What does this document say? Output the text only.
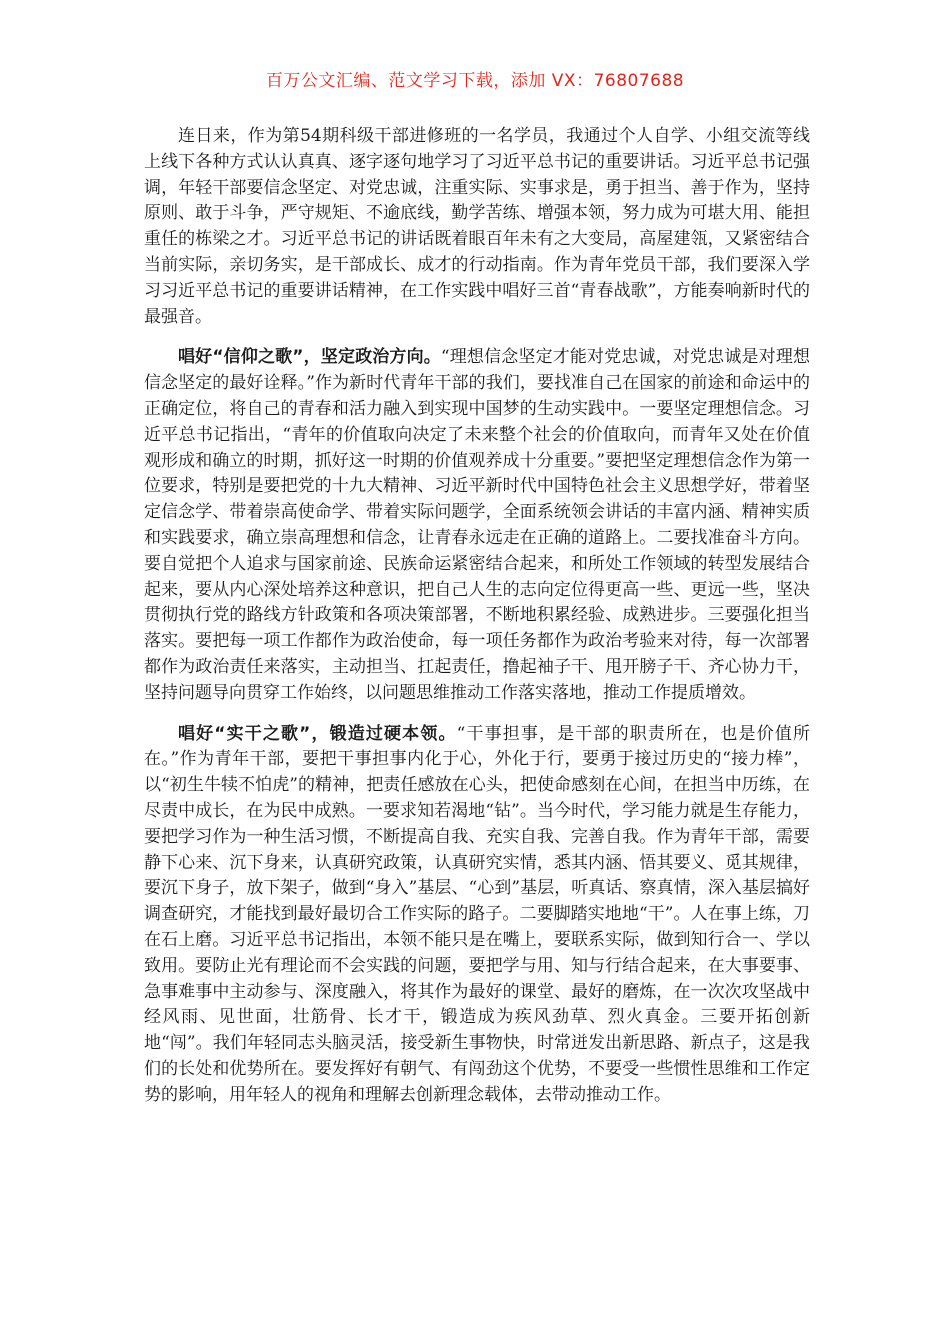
百万公文汇编、范文学习下载，添加 VX：76807688

连日来，作为第54期科级干部进修班的一名学员，我通过个人自学、小组交流等线上线下各种方式认认真真、逐字逐句地学习了习近平总书记的重要讲话。习近平总书记强调，年轻干部要信念坚定、对党忠诚，注重实际、实事求是，勇于担当、善于作为，坚持原则、敢于斗争，严守规矩、不逾底线，勤学苦练、增强本领，努力成为可堪大用、能担重任的栋梁之才。习近平总书记的讲话既着眼百年未有之大变局，高屋建瓴，又紧密结合当前实际，亲切务实，是干部成长、成才的行动指南。作为青年党员干部，我们要深入学习习近平总书记的重要讲话精神，在工作实践中唱好三首“青春战歌”，方能奏响新时代的最强音。

唱好“信仰之歌”，坚定政治方向。“理想信念坚定才能对党忠诚，对党忠诚是对理想信念坚定的最好诠释。”作为新时代青年干部的我们，要找准自己在国家的前途和命运中的正确定位，将自己的青春和活力融入到实现中国梦的生动实践中。一要坚定理想信念。习近平总书记指出，“青年的价值取向决定了未来整个社会的价值取向，而青年又处在价值观形成和确立的时期，抓好这一时期的价值观养成十分重要。”要把坚定理想信念作为第一位要求，特别是要把党的十九大精神、习近平新时代中国特色社会主义思想学好，带着坚定信念学、带着崇高使命学、带着实际问题学，全面系统领会讲话的丰富内涵、精神实质和实践要求，确立崇高理想和信念，让青春永远走在正确的道路上。二要找准奋斗方向。要自觉把个人追求与国家前途、民族命运紧密结合起来，和所处工作领域的转型发展结合起来，要从内心深处培养这种意识，把自己人生的志向定位得更高一些、更远一些，坚决贯彻执行党的路线方针政策和各项决策部署，不断地积累经验、成熟进步。三要强化担当落实。要把每一项工作都作为政治使命，每一项任务都作为政治考验来对待，每一次部署都作为政治责任来落实，主动担当、扛起责任，撸起袖子干、甩开膀子干、齐心协力干，坚持问题导向贯穿工作始终，以问题思维推动工作落实落地，推动工作提质增效。

唱好“实干之歌”，锻造过硬本领。“干事担事，是干部的职责所在，也是价值所在。”作为青年干部，要把干事担事内化于心，外化于行，要勇于接过历史的“接力棒”，以“初生牛犊不怕虎”的精神，把责任感放在心头，把使命感刻在心间，在担当中历练，在尽责中成长，在为民中成熟。一要求知若渴地“钻”。当今时代，学习能力就是生存能力，要把学习作为一种生活习惯，不断提高自我、充实自我、完善自我。作为青年干部，需要静下心来、沉下身来，认真研究政策，认真研究实情，悉其内涵、悟其要义、觅其规律，要沉下身子，放下架子，做到“身入”基层、“心到”基层，听真话、察真情，深入基层搞好调查研究，才能找到最好最切合工作实际的路子。二要脚踏实地地“干”。人在事上练，刀在石上磨。习近平总书记指出，本领不能只是在嘴上，要联系实际，做到知行合一、学以致用。要防止光有理论而不会实践的问题，要把学与用、知与行结合起来，在大事要事、急事难事中主动参与、深度融入，将其作为最好的课堂、最好的磨炼，在一次次攻坚战中经风雨、见世面，壮筋骨、长才干，锻造成为疾风劲草、烈火真金。三要开拓创新地“闯”。我们年轻同志头脑灵活，接受新生事物快，时常迸发出新思路、新点子，这是我们的长处和优势所在。要发挥好有朝气、有闯劲这个优势，不要受一些惯性思维和工作定势的影响，用年轻人的视角和理解去创新理念载体，去带动推动工作。
